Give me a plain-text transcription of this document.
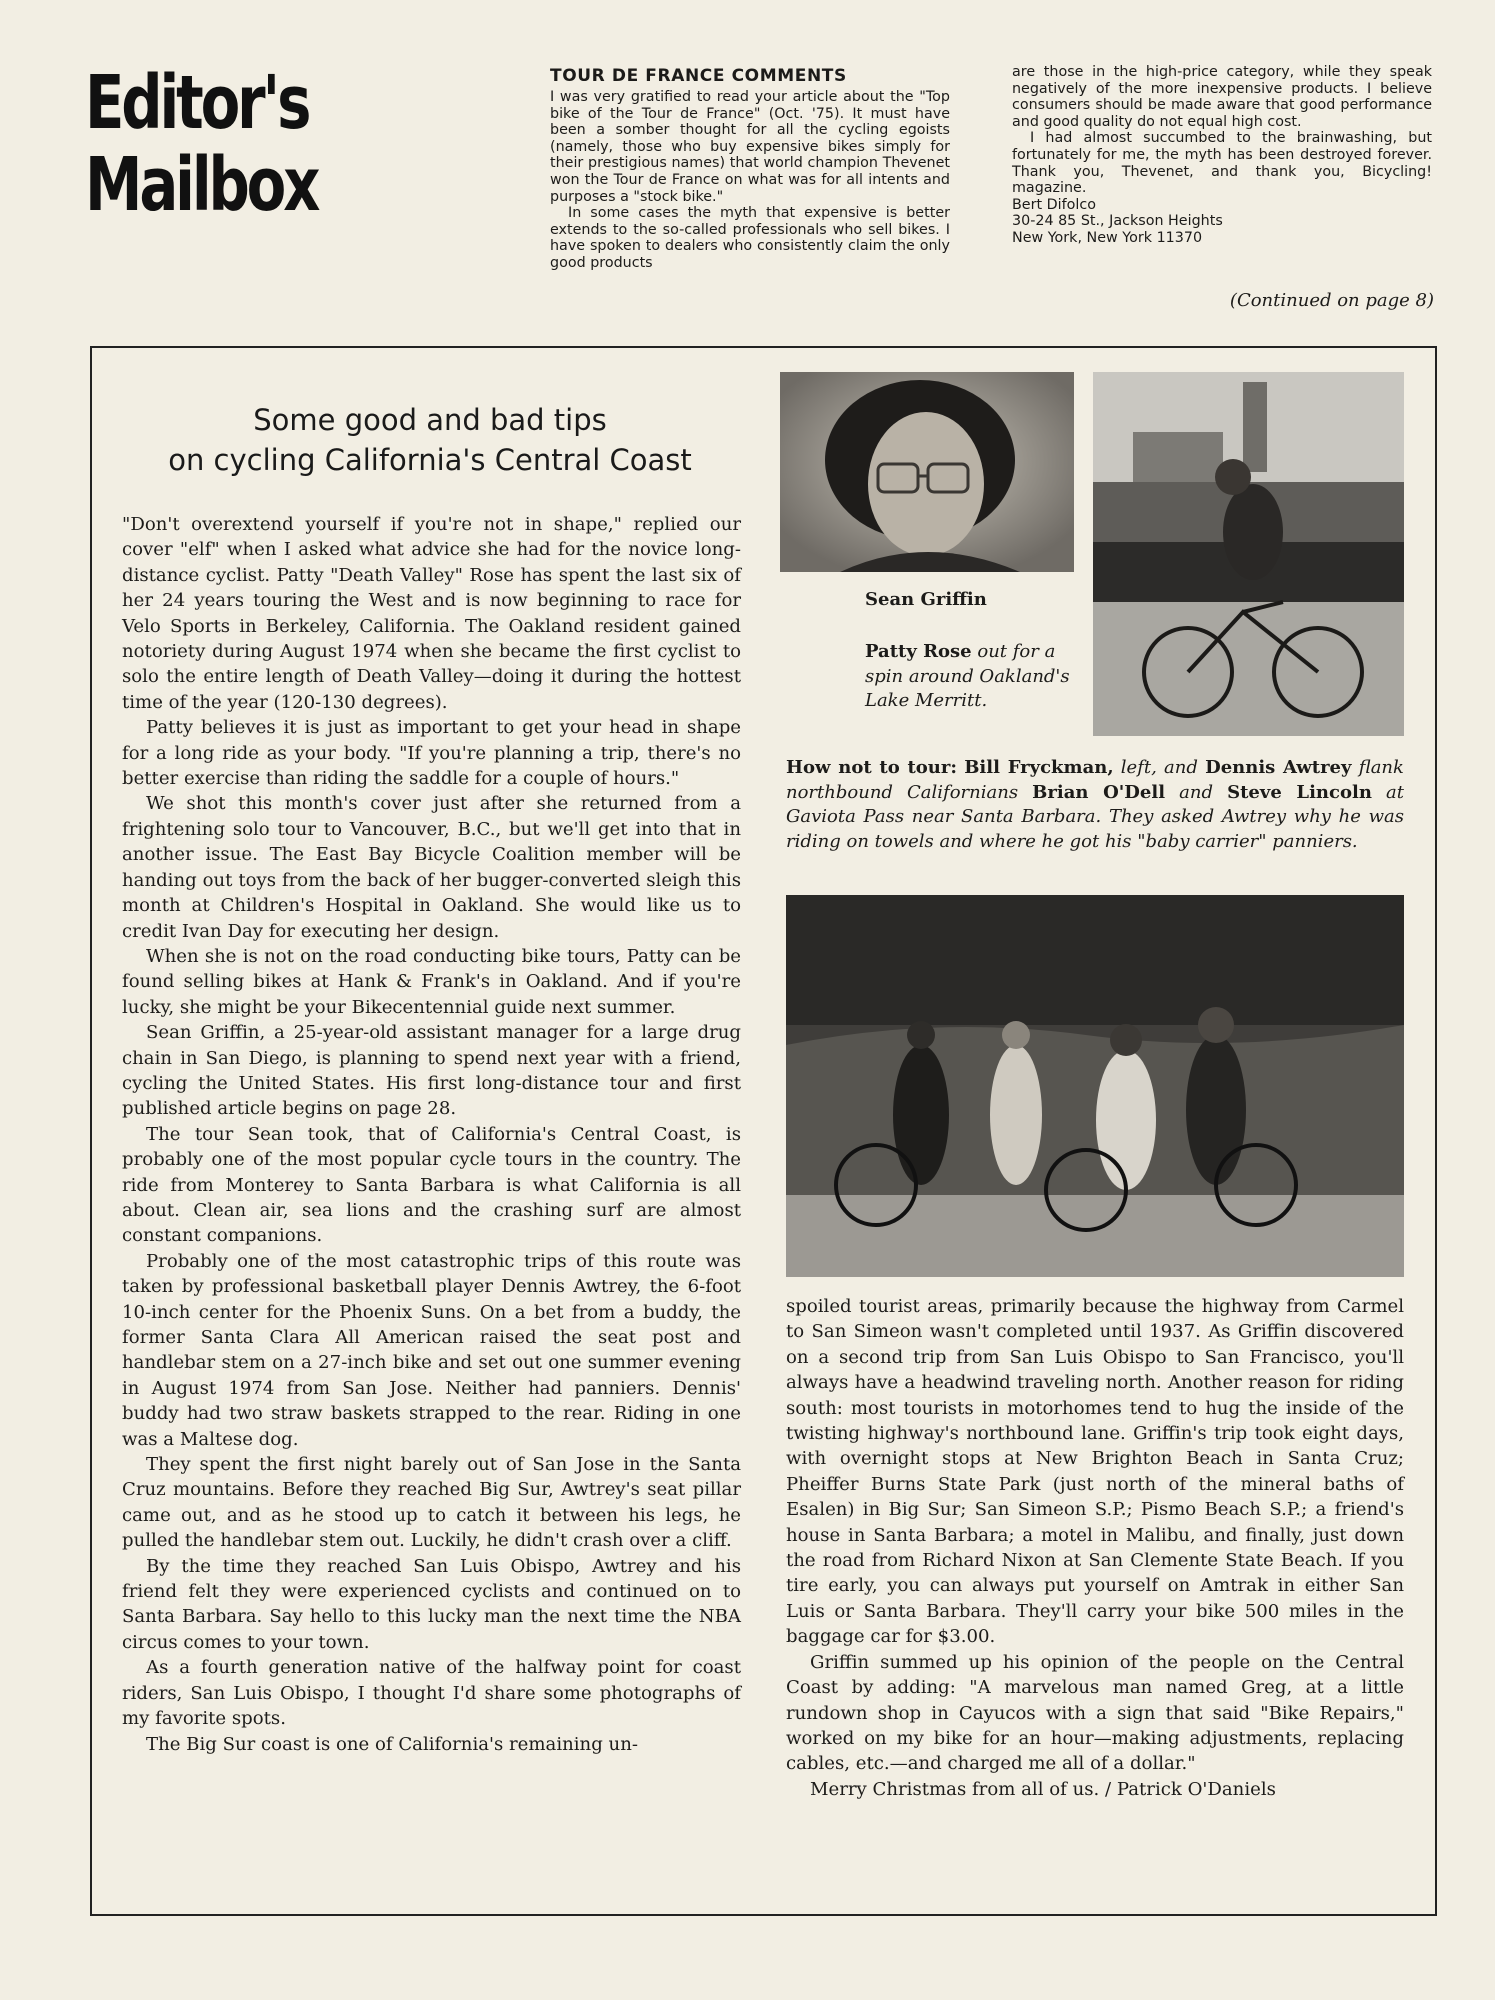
Editor's
Mailbox
TOUR DE FRANCE COMMENTS

I was very gratified to read your article about the "Top bike of the Tour de France" (Oct. '75). It must have been a somber thought for all the cycling egoists (namely, those who buy expensive bikes simply for their prestigious names) that world champion Thevenet won the Tour de France on what was for all intents and purposes a "stock bike."

In some cases the myth that expensive is better extends to the so-called professionals who sell bikes. I have spoken to dealers who consistently claim the only good products

are those in the high-price category, while they speak negatively of the more inexpensive products. I believe consumers should be made aware that good performance and good quality do not equal high cost.

I had almost succumbed to the brainwashing, but fortunately for me, the myth has been destroyed forever. Thank you, Thevenet, and thank you, Bicycling! magazine.

Bert Difolco

30-24 85 St., Jackson Heights

New York, New York 11370

(Continued on page 8)
Some good and bad tips
on cycling California's Central Coast

"Don't overextend yourself if you're not in shape," replied our cover "elf" when I asked what advice she had for the novice long-distance cyclist. Patty "Death Valley" Rose has spent the last six of her 24 years touring the West and is now beginning to race for Velo Sports in Berkeley, California. The Oakland resident gained notoriety during August 1974 when she became the first cyclist to solo the entire length of Death Valley—doing it during the hottest time of the year (120-130 degrees).

Patty believes it is just as important to get your head in shape for a long ride as your body. "If you're planning a trip, there's no better exercise than riding the saddle for a couple of hours."

We shot this month's cover just after she returned from a frightening solo tour to Vancouver, B.C., but we'll get into that in another issue. The East Bay Bicycle Coalition member will be handing out toys from the back of her bugger-converted sleigh this month at Children's Hospital in Oakland. She would like us to credit Ivan Day for executing her design.

When she is not on the road conducting bike tours, Patty can be found selling bikes at Hank & Frank's in Oakland. And if you're lucky, she might be your Bikecentennial guide next summer.

Sean Griffin, a 25-year-old assistant manager for a large drug chain in San Diego, is planning to spend next year with a friend, cycling the United States. His first long-distance tour and first published article begins on page 28.

The tour Sean took, that of California's Central Coast, is probably one of the most popular cycle tours in the country. The ride from Monterey to Santa Barbara is what California is all about. Clean air, sea lions and the crashing surf are almost constant companions.

Probably one of the most catastrophic trips of this route was taken by professional basketball player Dennis Awtrey, the 6-foot 10-inch center for the Phoenix Suns. On a bet from a buddy, the former Santa Clara All American raised the seat post and handlebar stem on a 27-inch bike and set out one summer evening in August 1974 from San Jose. Neither had panniers. Dennis' buddy had two straw baskets strapped to the rear. Riding in one was a Maltese dog.

They spent the first night barely out of San Jose in the Santa Cruz mountains. Before they reached Big Sur, Awtrey's seat pillar came out, and as he stood up to catch it between his legs, he pulled the handlebar stem out. Luckily, he didn't crash over a cliff.

By the time they reached San Luis Obispo, Awtrey and his friend felt they were experienced cyclists and continued on to Santa Barbara. Say hello to this lucky man the next time the NBA circus comes to your town.

As a fourth generation native of the halfway point for coast riders, San Luis Obispo, I thought I'd share some photographs of my favorite spots.

The Big Sur coast is one of California's remaining un-

Sean Griffin
Patty Rose out for a spin around Oakland's Lake Merritt.
How not to tour: Bill Fryckman, left, and Dennis Awtrey flank northbound Californians Brian O'Dell and Steve Lincoln at Gaviota Pass near Santa Barbara. They asked Awtrey why he was riding on towels and where he got his "baby carrier" panniers.

spoiled tourist areas, primarily because the highway from Carmel to San Simeon wasn't completed until 1937. As Griffin discovered on a second trip from San Luis Obispo to San Francisco, you'll always have a headwind traveling north. Another reason for riding south: most tourists in motorhomes tend to hug the inside of the twisting highway's northbound lane. Griffin's trip took eight days, with overnight stops at New Brighton Beach in Santa Cruz; Pheiffer Burns State Park (just north of the mineral baths of Esalen) in Big Sur; San Simeon S.P.; Pismo Beach S.P.; a friend's house in Santa Barbara; a motel in Malibu, and finally, just down the road from Richard Nixon at San Clemente State Beach. If you tire early, you can always put yourself on Amtrak in either San Luis or Santa Barbara. They'll carry your bike 500 miles in the baggage car for $3.00.

Griffin summed up his opinion of the people on the Central Coast by adding: "A marvelous man named Greg, at a little rundown shop in Cayucos with a sign that said "Bike Repairs," worked on my bike for an hour—making adjustments, replacing cables, etc.—and charged me all of a dollar."

Merry Christmas from all of us. / Patrick O'Daniels
